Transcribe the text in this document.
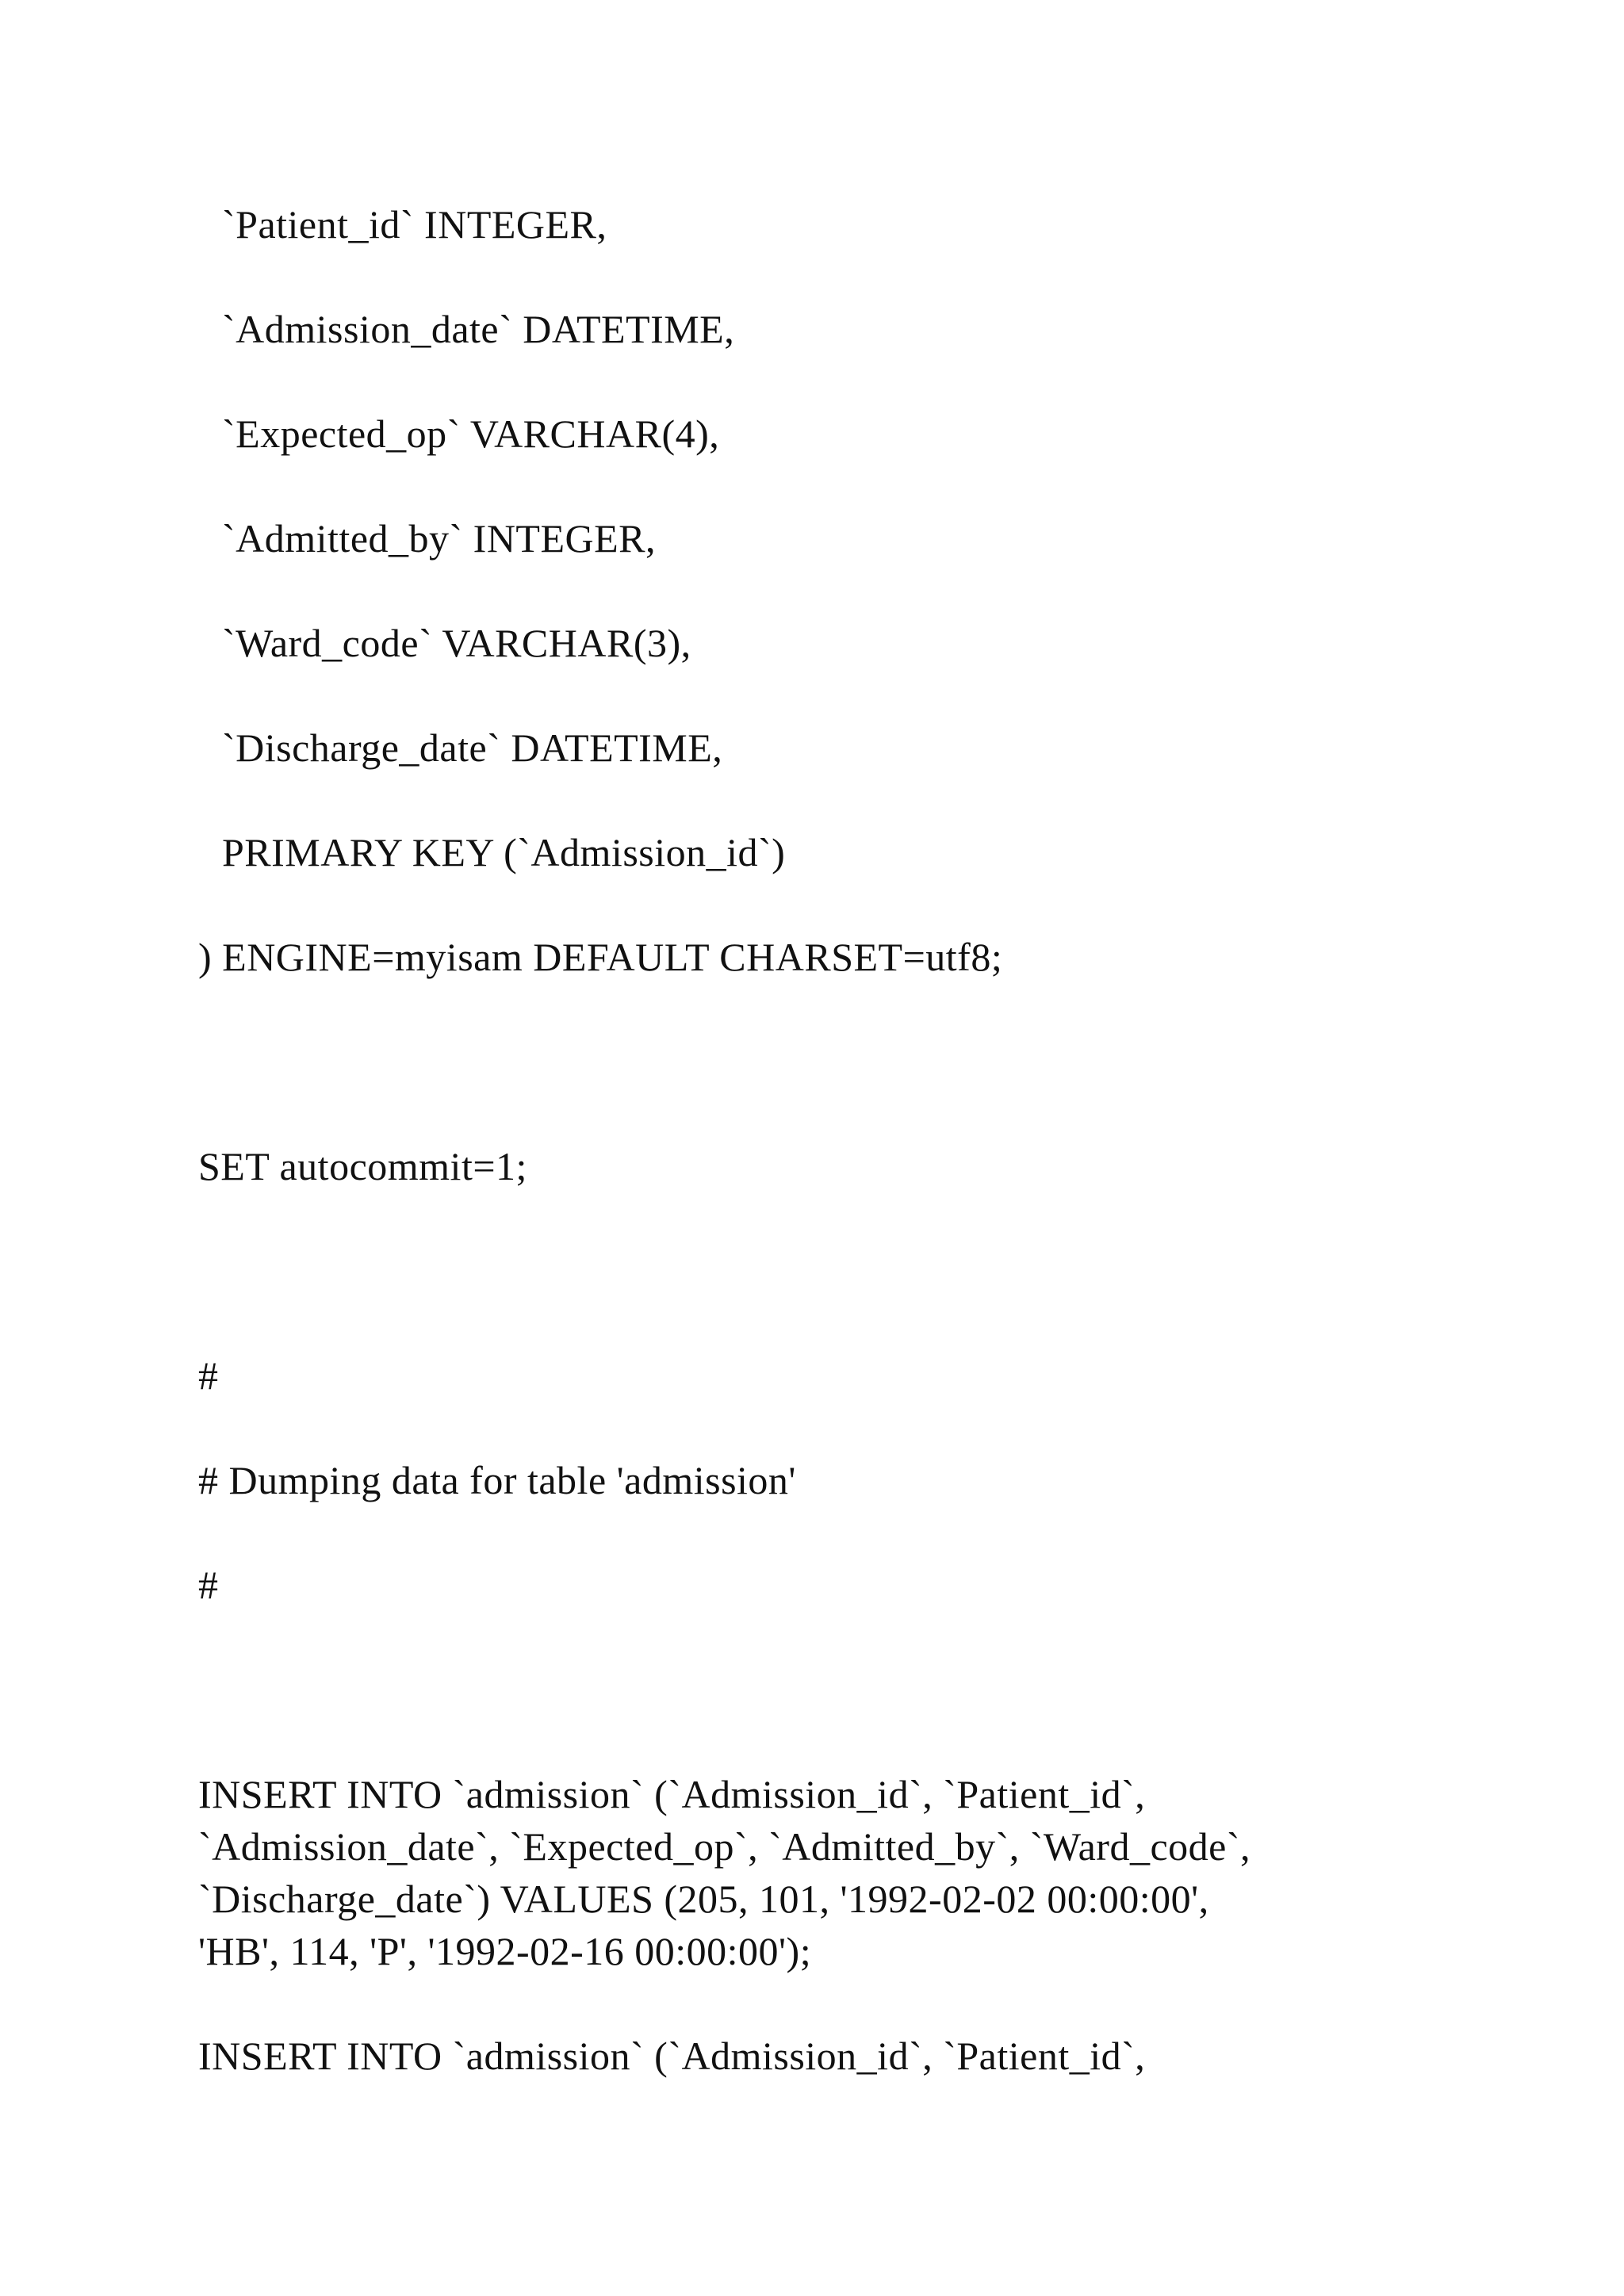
`Patient_id` INTEGER,
`Admission_date` DATETIME,
`Expected_op` VARCHAR(4),
`Admitted_by` INTEGER,
`Ward_code` VARCHAR(3),
`Discharge_date` DATETIME,
PRIMARY KEY (`Admission_id`)
) ENGINE=myisam DEFAULT CHARSET=utf8;
SET autocommit=1;
#
# Dumping data for table 'admission'
#
INSERT INTO `admission` (`Admission_id`, `Patient_id`,
`Admission_date`, `Expected_op`, `Admitted_by`, `Ward_code`,
`Discharge_date`) VALUES (205, 101, '1992-02-02 00:00:00',
'HB', 114, 'P', '1992-02-16 00:00:00');
INSERT INTO `admission` (`Admission_id`, `Patient_id`,
